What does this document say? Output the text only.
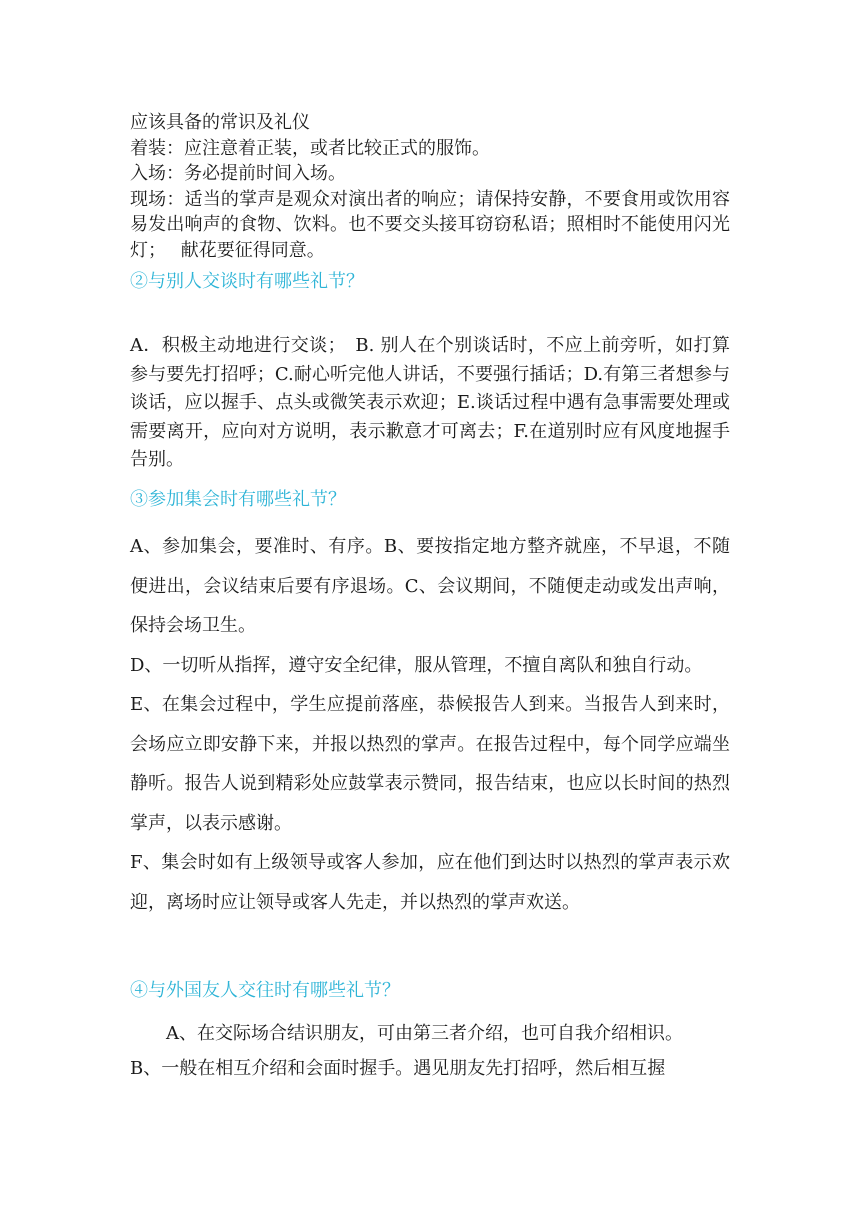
应该具备的常识及礼仪

着装：应注意着正装，或者比较正式的服饰。

入场：务必提前时间入场。

现场：适当的掌声是观众对演出者的响应；请保持安静，不要食用或饮用容易发出响声的食物、饮料。也不要交头接耳窃窃私语；照相时不能使用闪光灯；　 献花要征得同意。

②与别人交谈时有哪些礼节？

A．积极主动地进行交谈；　B. 别人在个别谈话时，不应上前旁听，如打算参与要先打招呼；C.耐心听完他人讲话，不要强行插话；D.有第三者想参与谈话，应以握手、点头或微笑表示欢迎；E.谈话过程中遇有急事需要处理或需要离开，应向对方说明，表示歉意才可离去；F.在道别时应有风度地握手告别。

③参加集会时有哪些礼节？

A、参加集会，要准时、有序。B、要按指定地方整齐就座，不早退，不随便进出，会议结束后要有序退场。C、会议期间，不随便走动或发出声响，保持会场卫生。

D、一切听从指挥，遵守安全纪律，服从管理，不擅自离队和独自行动。

E、在集会过程中，学生应提前落座，恭候报告人到来。当报告人到来时，会场应立即安静下来，并报以热烈的掌声。在报告过程中，每个同学应端坐静听。报告人说到精彩处应鼓掌表示赞同，报告结束，也应以长时间的热烈掌声，以表示感谢。

F、集会时如有上级领导或客人参加，应在他们到达时以热烈的掌声表示欢迎，离场时应让领导或客人先走，并以热烈的掌声欢送。

④与外国友人交往时有哪些礼节？

A、在交际场合结识朋友，可由第三者介绍，也可自我介绍相识。

B、一般在相互介绍和会面时握手。遇见朋友先打招呼，然后相互握
